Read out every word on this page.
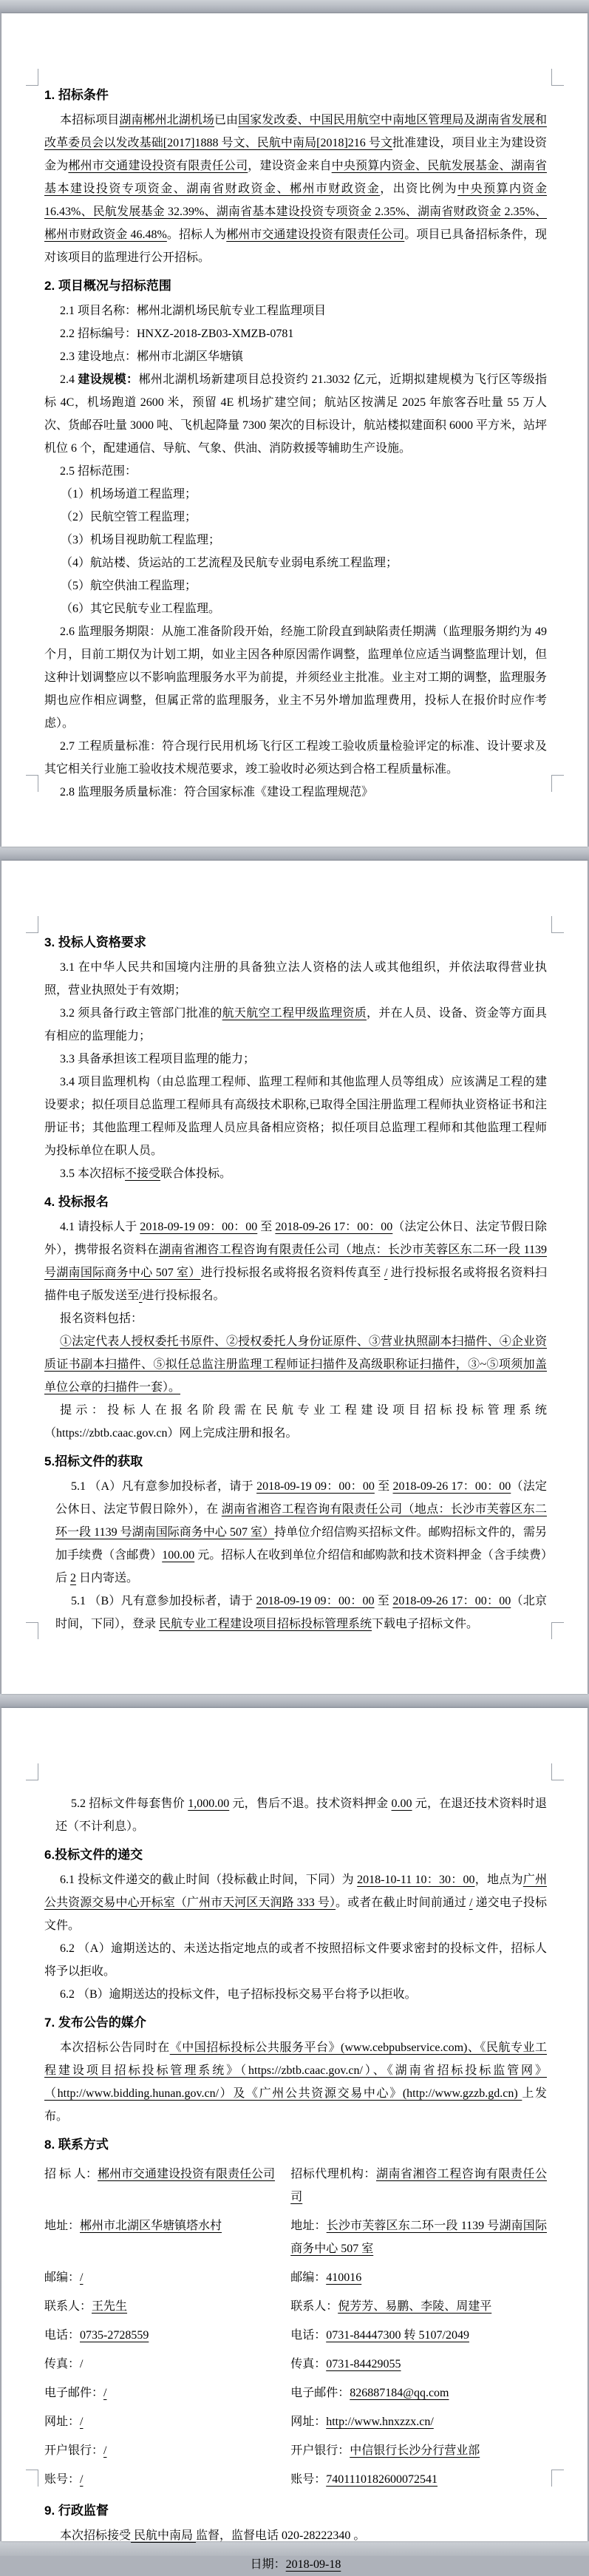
1. 招标条件

本招标项目湖南郴州北湖机场已由国家发改委、中国民用航空中南地区管理局及湖南省发展和改革委员会以发改基础[2017]1888 号文、民航中南局[2018]216 号文批准建设，项目业主为建设资金为郴州市交通建设投资有限责任公司，建设资金来自中央预算内资金、民航发展基金、湖南省基本建设投资专项资金、湖南省财政资金、郴州市财政资金，出资比例为中央预算内资金 16.43%、民航发展基金 32.39%、湖南省基本建设投资专项资金 2.35%、湖南省财政资金 2.35%、郴州市财政资金 46.48%。招标人为郴州市交通建设投资有限责任公司。项目已具备招标条件，现对该项目的监理进行公开招标。

2. 项目概况与招标范围

2.1 项目名称：郴州北湖机场民航专业工程监理项目

2.2 招标编号：HNXZ-2018-ZB03-XMZB-0781

2.3 建设地点：郴州市北湖区华塘镇

2.4 建设规模：郴州北湖机场新建项目总投资约 21.3032 亿元，近期拟建规模为飞行区等级指标 4C，机场跑道 2600 米，预留 4E 机场扩建空间；航站区按满足 2025 年旅客吞吐量 55 万人次、货邮吞吐量 3000 吨、飞机起降量 7300 架次的目标设计，航站楼拟建面积 6000 平方米，站坪机位 6 个，配建通信、导航、气象、供油、消防救援等辅助生产设施。

2.5 招标范围：

（1）机场场道工程监理；

（2）民航空管工程监理；

（3）机场目视助航工程监理；

（4）航站楼、货运站的工艺流程及民航专业弱电系统工程监理；

（5）航空供油工程监理；

（6）其它民航专业工程监理。

2.6 监理服务期限：从施工准备阶段开始，经施工阶段直到缺陷责任期满（监理服务期约为 49 个月，目前工期仅为计划工期，如业主因各种原因需作调整，监理单位应适当调整监理计划，但这种计划调整应以不影响监理服务水平为前提，并须经业主批准。业主对工期的调整，监理服务期也应作相应调整，但属正常的监理服务，业主不另外增加监理费用，投标人在报价时应作考虑）。

2.7 工程质量标准：符合现行民用机场飞行区工程竣工验收质量检验评定的标准、设计要求及其它相关行业施工验收技术规范要求，竣工验收时必须达到合格工程质量标准。

2.8 监理服务质量标准：符合国家标准《建设工程监理规范》

3. 投标人资格要求

3.1 在中华人民共和国境内注册的具备独立法人资格的法人或其他组织，并依法取得营业执照，营业执照处于有效期；

3.2 须具备行政主管部门批准的航天航空工程甲级监理资质，并在人员、设备、资金等方面具有相应的监理能力；

3.3 具备承担该工程项目监理的能力；

3.4 项目监理机构（由总监理工程师、监理工程师和其他监理人员等组成）应该满足工程的建设要求；拟任项目总监理工程师具有高级技术职称,已取得全国注册监理工程师执业资格证书和注册证书；其他监理工程师及监理人员应具备相应资格；拟任项目总监理工程师和其他监理工程师为投标单位在职人员。

3.5 本次招标不接受联合体投标。

4. 投标报名

4.1 请投标人于 2018-09-19 09：00：00 至 2018-09-26 17：00：00（法定公休日、法定节假日除外），携带报名资料在湖南省湘咨工程咨询有限责任公司（地点：长沙市芙蓉区东二环一段 1139 号湖南国际商务中心 507 室）进行投标报名或将报名资料传真至 / 进行投标报名或将报名资料扫描件电子版发送至/进行投标报名。

报名资料包括：

①法定代表人授权委托书原件、②授权委托人身份证原件、③营业执照副本扫描件、④企业资质证书副本扫描件、⑤拟任总监注册监理工程师证扫描件及高级职称证扫描件，③~⑤项须加盖单位公章的扫描件一套）。

提示：投标人在报名阶段需在民航专业工程建设项目招标投标管理系统（https://zbtb.caac.gov.cn）网上完成注册和报名。

5.招标文件的获取

5.1 （A）凡有意参加投标者，请于 2018-09-19 09：00：00 至 2018-09-26 17：00：00（法定公休日、法定节假日除外），在 湖南省湘咨工程咨询有限责任公司（地点：长沙市芙蓉区东二环一段 1139 号湖南国际商务中心 507 室）持单位介绍信购买招标文件。邮购招标文件的，需另加手续费（含邮费）100.00 元。招标人在收到单位介绍信和邮购款和技术资料押金（含手续费）后 2 日内寄送。

5.1 （B）凡有意参加投标者，请于 2018-09-19 09：00：00 至 2018-09-26 17：00：00（北京时间，下同），登录 民航专业工程建设项目招标投标管理系统下载电子招标文件。

5.2 招标文件每套售价 1,000.00 元，售后不退。技术资料押金 0.00 元，在退还技术资料时退还（不计利息）。

6.投标文件的递交

6.1 投标文件递交的截止时间（投标截止时间，下同）为 2018-10-11 10：30：00，地点为广州公共资源交易中心开标室（广州市天河区天润路 333 号）。或者在截止时间前通过 / 递交电子投标文件。

6.2 （A）逾期送达的、未送达指定地点的或者不按照招标文件要求密封的投标文件，招标人将予以拒收。

6.2 （B）逾期送达的投标文件，电子招标投标交易平台将予以拒收。

7. 发布公告的媒介

本次招标公告同时在《中国招标投标公共服务平台》(www.cebpubservice.com)、《民航专业工程建设项目招标投标管理系统》（https://zbtb.caac.gov.cn/）、《湖南省招标投标监管网》（http://www.bidding.hunan.gov.cn/）及《广州公共资源交易中心》(http://www.gzzb.gd.cn) 上发布。

8. 联系方式
招 标 人：郴州市交通建设投资有限责任公司	招标代理机构：湖南省湘咨工程咨询有限责任公司
地址：郴州市北湖区华塘镇塔水村	地址：长沙市芙蓉区东二环一段 1139 号湖南国际商务中心 507 室
邮编：/	邮编：410016
联系人：王先生	联系人：倪芳芳、易鹏、李陵、周建平
电话：0735-2728559	电话：0731-84447300 转 5107/2049
传真：/	传真：0731-84429055
电子邮件：/	电子邮件：826887184@qq.com
网址：/	网址：http://www.hnxzzx.cn/
开户银行：/	开户银行：中信银行长沙分行营业部
账号：/	账号：7401110182600072541
9. 行政监督

本次招标接受 民航中南局 监督，监督电话 020-28222340 。

日期：2018-09-18
